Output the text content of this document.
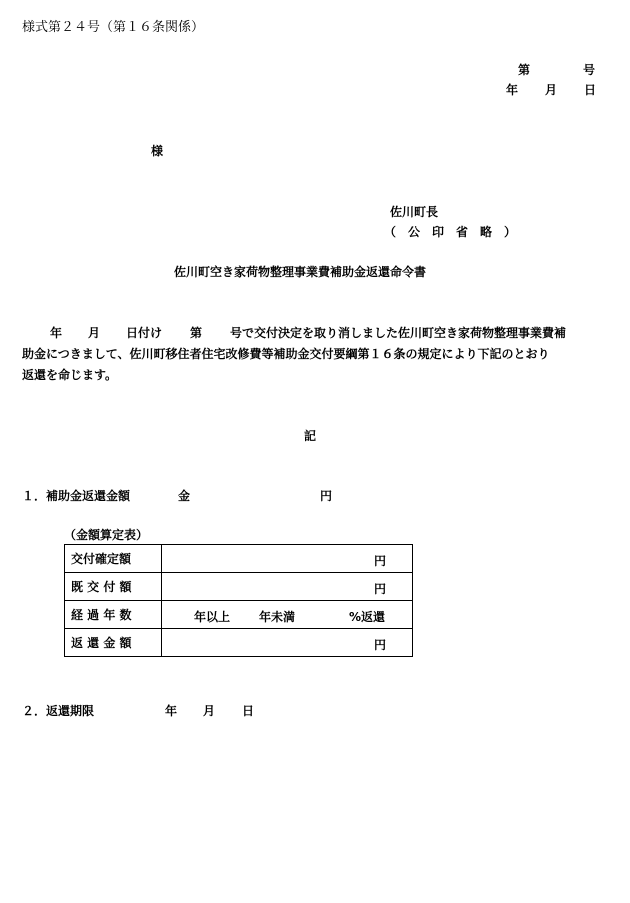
様式第２４号（第１６条関係）
第	号
年 月 日
様
佐川町長
（　公　印　省　略　）
佐川町空き家荷物整理事業費補助金返還命令書
年 月 日付け 第 号で交付決定を取り消しました佐川町空き家荷物整理事業費補
助金につきまして、佐川町移住者住宅改修費等補助金交付要綱第１６条の規定により下記のとおり
返還を命じます。
記
１．補助金返還金額	金	円
（金額算定表）
交付確定額	円

既 交 付 額	円

経 過 年 数	年以上 年未満 %返還

返 還 金 額	円
２．返還期限	年 月 日
